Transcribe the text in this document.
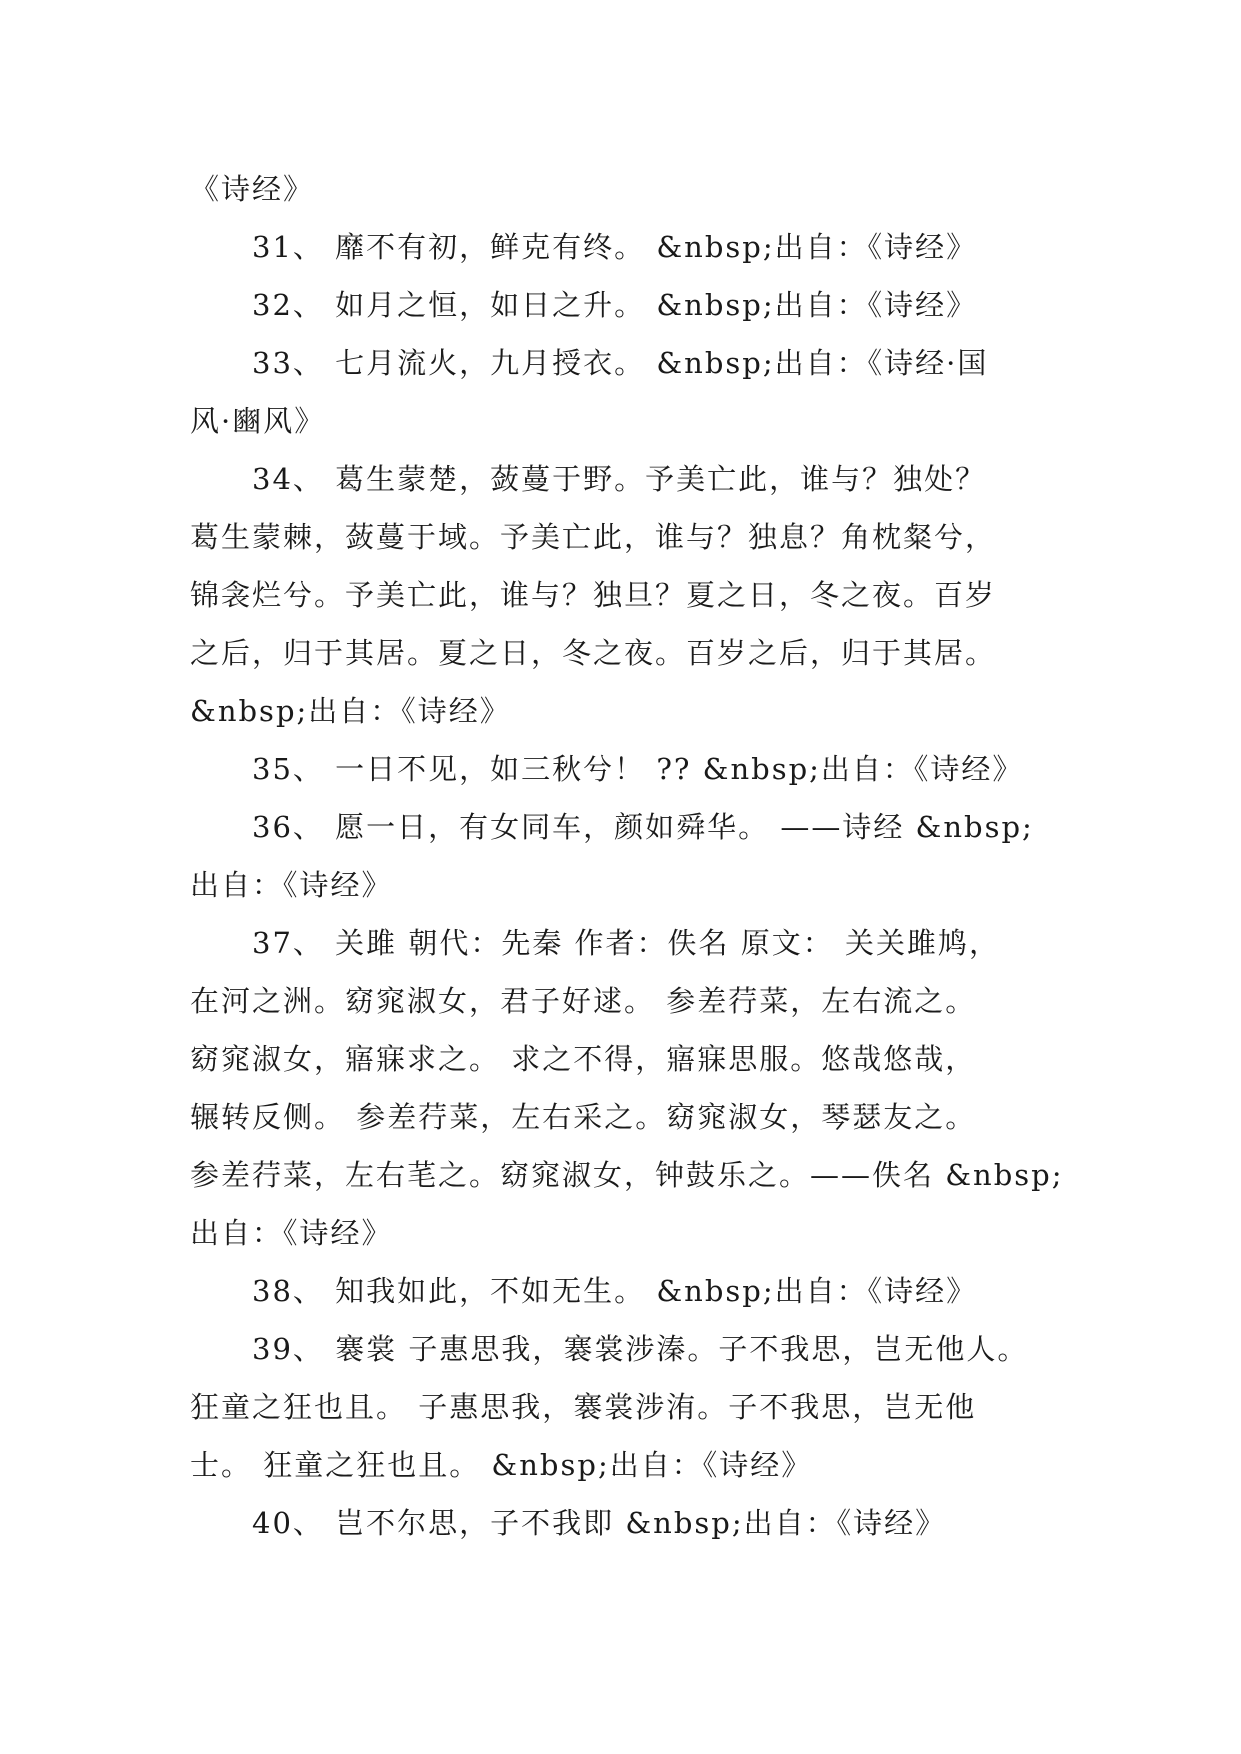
《诗经》
31、 靡不有初，鲜克有终。 &nbsp;出自：《诗经》
32、 如月之恒，如日之升。 &nbsp;出自：《诗经》
33、 七月流火，九月授衣。 &nbsp;出自：《诗经·国
风·豳风》
34、 葛生蒙楚，蔹蔓于野。予美亡此，谁与？独处？
葛生蒙棘，蔹蔓于域。予美亡此，谁与？独息？角枕粲兮，
锦衾烂兮。予美亡此，谁与？独旦？夏之日，冬之夜。百岁
之后，归于其居。夏之日，冬之夜。百岁之后，归于其居。
&nbsp;出自：《诗经》
35、 一日不见，如三秋兮！ ?? &nbsp;出自：《诗经》
36、 愿一日，有女同车，颜如舜华。 ——诗经 &nbsp;
出自：《诗经》
37、 关雎 朝代：先秦 作者：佚名 原文： 关关雎鸠，
在河之洲。窈窕淑女，君子好逑。 参差荇菜，左右流之。
窈窕淑女，寤寐求之。 求之不得，寤寐思服。悠哉悠哉，
辗转反侧。 参差荇菜，左右采之。窈窕淑女，琴瑟友之。
参差荇菜，左右芼之。窈窕淑女，钟鼓乐之。——佚名 &nbsp;
出自：《诗经》
38、 知我如此，不如无生。 &nbsp;出自：《诗经》
39、 褰裳 子惠思我，褰裳涉溱。子不我思，岂无他人。
狂童之狂也且。 子惠思我，褰裳涉洧。子不我思，岂无他
士。 狂童之狂也且。 &nbsp;出自：《诗经》
40、 岂不尔思，子不我即 &nbsp;出自：《诗经》
